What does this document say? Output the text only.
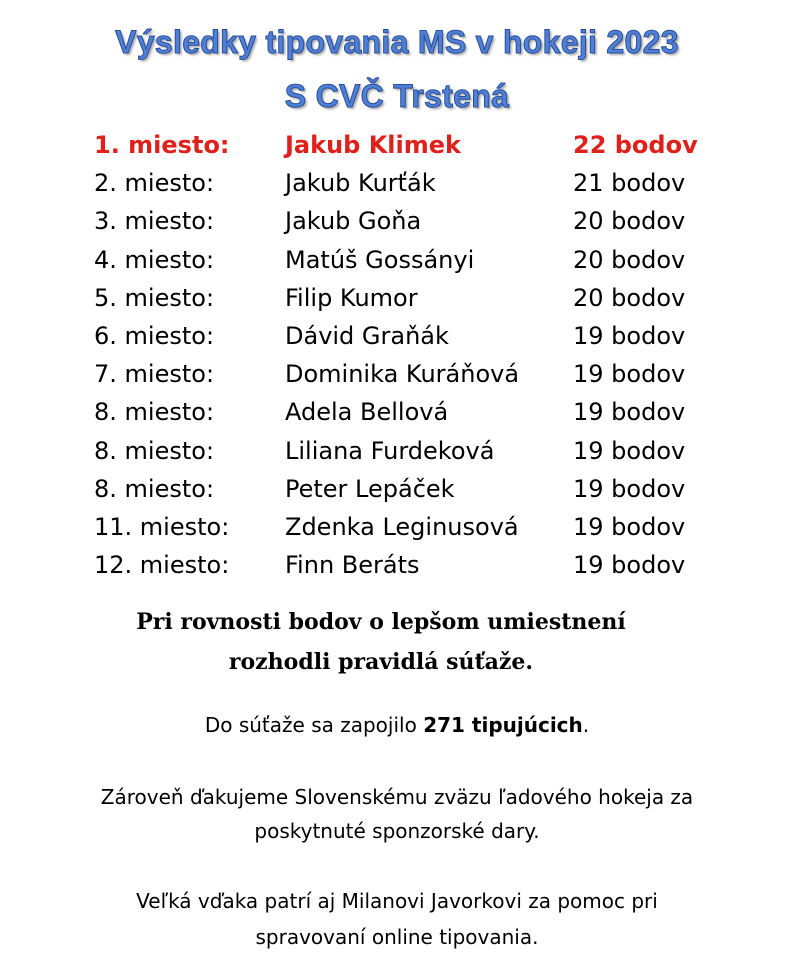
Výsledky tipovania MS v hokeji 2023
S CVČ Trstená
1. miesto: Jakub Klimek	22 bodov
2. miesto:	Jakub Kurťák	21 bodov
3. miesto:	Jakub Goňa	20 bodov
4. miesto:	Matúš Gossányi	20 bodov
5. miesto:	Filip Kumor	20 bodov
6. miesto:	Dávid Graňák	19 bodov
7. miesto:	Dominika Kuráňová 19 bodov
8. miesto:	Adela Bellová	19 bodov
8. miesto:	Liliana Furdeková	19 bodov
8. miesto:	Peter Lepáček	19 bodov
11. miesto: Zdenka Leginusová 19 bodov
12. miesto: Finn Beráts	19 bodov
Pri rovnosti bodov o lepšom umiestnení
rozhodli pravidlá súťaže.
Do súťaže sa zapojilo 271 tipujúcich.
Zároveň ďakujeme Slovenskému zväzu ľadového hokeja za
poskytnuté sponzorské dary.
Veľká vďaka patrí aj Milanovi Javorkovi za pomoc pri
spravovaní online tipovania.
